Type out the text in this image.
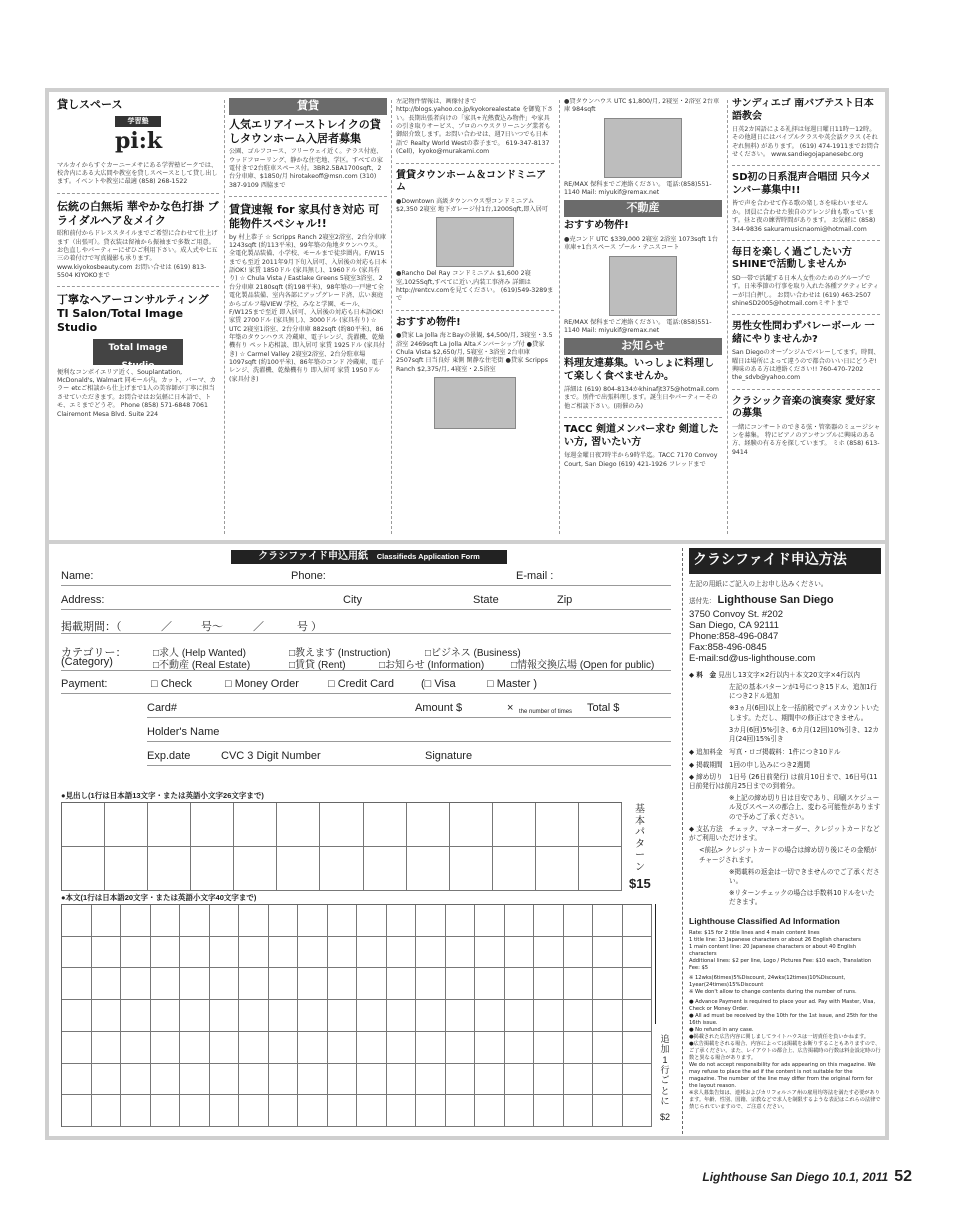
貸しスペース
学習塾
pi:k
マルカイからすぐカーニーメサにある学習塾ピークでは、校舎内にある大広間や教室を貸しスペースとして貸し出します。イベントや教室に最適 (858) 268-1522
伝統の白無垢 華やかな色打掛 ブライダルヘア＆メイク
昭和前付からドレススタイルまでご希望に合わせて仕上げます（出張可）。貸衣装は留袖から振袖まで多数ご用意。お色直しやパーティーにぜひご利用下さい。成人式や七五三の着付けで写真撮影も承ります。 www.kiyokosbeauty.com お問い合せは (619) 813-5504 KIYOKOまで
丁寧なヘアーコンサルティング TI Salon/Total Image Studio
Total Image Studio
便利なコンボイエリア近く、Souplantation, McDonald's, Walmart 同モール内。カット、パーマ、カラー etcご相談から仕上げまで1人の美容師が丁寧に担当させていただきます。お問合せはお気軽に日本語で、トモ、エミまでどうぞ。 Phone (858) 571-6848 7061 Clairemont Mesa Blvd. Suite 224
賃貸
人気エリアイーストレイクの貸しタウンホーム入居者募集
公園、ゴルフコース、フリーウェイ近く。テラス付庭、ウッドフローリング、静かな住宅地、学区。すべての家電付きで2台駐車スペース付。3BR2.5BA1700sqft、2台分車庫、$1850/月 hirotakeoff@msn.com (310) 387-9109 西脇まで
賃貸速報 for 家具付き対応 可能物件スペシャル!!
by 村上恭子 ☆ Scripps Ranch 2寝室2浴室、2台分車庫 1243sqft (約113平米)、99年築の角地タウンハウス。全電化製品装備、小学校、モールまで徒歩圏内。F/W15までも至近 2011年9月下旬入居可、入居後の対応も日本語OK! 家賃 1850ドル (家具無し)、1960ドル (家具有り) ☆ Chula Vista / Eastlake Greens 5寝室3浴室、2台分車庫 2180sqft (約198平米)、98年築の一戸建て全電化製品装備、室内各部にアップグレード済、広い裏庭からゴルフ場VIEW 学校、みなと学園、モール、F/W125まで至近 即入居可、入居後の対応も日本語OK! 家賃 2700ドル (家具無し)、3000ドル (家具有り) ☆ UTC 2寝室1浴室、2台分車庫 882sqft (約80平米)、86年築のタウンハウス 冷蔵庫、電子レンジ、洗濯機、乾燥機有り ペット応相談、即入居可 家賃 1925ドル (家具付き) ☆ Carmel Valley 2寝室2浴室、2台分駐車場 1097sqft (約100平米)、86年築のコンド 冷蔵庫、電子レンジ、洗濯機、乾燥機有り 即入居可 家賃 1950ドル (家具付き)
左記物件情報は、画像付きで http://blogs.yahoo.co.jp/kyokorealestate を御覧下さい。長期出張者向けの「家具+光熱費込み物件」や家具の引き取りサービス、プロのハウスクリーニング業者も御紹介致します。お問い合わせは、週7日いつでも日本語で Realty World Westの恭子まで。 619-347-8137 (Cell)，kyoko@murakami.com
賃貸タウンホーム＆コンドミニアム
●Downtown 高級タウンハウス型コンドミニアム $2,350 2寝室 地下ガレージ付1台,1200Sqft,即入居可
●Rancho Del Ray コンドミニアム $1,600 2寝室,1025Sqft,すべてに近い,内装工事済み 詳細は http://rentcv.comを見てください。 (619)549-3289まで
おすすめ物件!
●貸家 La Jolla 海とBayの景観, $4,500/月, 3寝室・3.5浴室 2469sqft La Jolla Altaメンバーシップ付 ●貸家 Chula Vista $2,650/月, 5寝室・3浴室 2台車庫 2507sqft 日当良好 東側 閑静な住宅街 ●貸家 Scripps Ranch $2,375/月, 4寝室・2.5浴室
●貸タウンハウス UTC $1,800/月, 2寝室・2浴室 2台車庫 984sqft
RE/MAX 保科までご連絡ください。 電話:(858)551-1140 Mail: miyukif@remax.net
不動産
おすすめ物件!
●売コンド UTC $339,000 2寝室 2浴室 1073sqft 1台車庫+1台スペース プール・テニスコート
RE/MAX 保科までご連絡ください。 電話:(858)551-1140 Mail: miyukif@remax.net
お知らせ
料理友達募集。いっしょに料理して楽しく食べませんか。
詳細は (619) 804-8134かkhinafjt375@hotmail.comまで。別件で出張料理します。誕生日やパーティーその他ご相談下さい。(雨催のみ)
TACC 剣道メンバー求む 剣道したい方, 習いたい方
毎週金曜日夜7時半から9時半迄。TACC 7170 Convoy Court, San Diego (619) 421-1926 フレッドまで
サンディエゴ 南バプテスト日本語教会
日英2カ国語による礼拝は毎週日曜日11時〜12時。その他週日にはバイブルクラスや英会話クラス (それぞれ無料) があります。 (619) 474-1911までお問合せください。 www.sandiegojapanesebc.org
SD初の日系混声合唱団 只今メンバー募集中!!
皆で声を合わせて作る歌の楽しさを味わいませんか。団員に合わせた独自のアレンジ曲も歌っています。昼と夜の練習時間があります。 お気軽に (858) 344-9836 sakuramusicnaomi@hotmail.com
毎日を楽しく過ごしたい方 SHINEで活動しませんか
SD一帯で活躍する日本人女性のためのグループです。日米季節の行事を取り入れた各種アクティビティーが目白押し。 お問い合わせは (619) 463-2507 shineSD2005@hotmail.comミサトまで
男性女性問わずバレーボール 一緒にやりませんか?
San Diegoのオープンジムでバレーしてます。時間、曜日は場所によって違うので都合のいい日にどうぞ! 興味のある方は連絡ください!! 760-470-7202 the_sdvb@yahoo.com
クラシック音楽の演奏家 愛好家の募集
一緒にコンサートのできる弦・管楽器のミュージシャンを募集。 特にピアノのアンサンブルに興味のある方、経験の有る方を探しています。 ミホ (858) 613-9414
クラシファイド申込用紙 Classifieds Application Form
Name:	Phone:	E-mail :
Address:	City	State	Zip
掲載期間：（	／	号〜	／	号 ）
カテゴリー：
(Category)
□求人 (Help Wanted)	□教えます (Instruction)	□ビジネス (Business)
□不動産 (Real Estate)	□賃貸 (Rent)	□お知らせ (Information)	□情報交換広場 (Open for public)
Payment:	□ Check	□ Money Order	□ Credit Card (□ Visa	□ Master )
Card#	Amount $	× the number of times Total $
Holder's Name
Exp.date	CVC 3 Digit Number	Signature
●見出し(1行は日本語13文字・または英語小文字26文字まで)
●本文(1行は日本語20文字・または英語小文字40文字まで)
基本パターン
$15
追加1行ごとに
$2
クラシファイド申込方法
左記の用紙にご記入の上お申し込みください。
送付先： Lighthouse San Diego
3750 Convoy St. #202
San Diego, CA 92111
Phone:858-496-0847
Fax:858-496-0845
E-mail:sd@us-lighthouse.com
◆ 料　金 見出し13文字×2行以内＋本文20文字×4行以内
左記の基本パターンが1号につき15ドル、追加1行につき2ドル追加
※3ヵ月(6回)以上を一括前税でディスカウントいたします。ただし、期間中の修正はできません。
3カ月(6回)5%引き、6カ月(12回)10%引き、12カ月(24回)15%引き
◆ 追加料金　写真・ロゴ掲載料：1件につき10ドル
◆ 掲載期間　1回の申し込みにつき2週間
◆ 締め切り　1日号 (26日前発行) は前月10日まで、16日号(11日前発行)は前月25日までの到着分。
※上記の締め切り日は目安であり、印刷スケジュール及びスペースの都合上、変わる可能性がありますので予めご了承ください。
◆ 支払方法　チェック、マネーオーダー、クレジットカードなどがご利用いただけます。
<前払> クレジットカードの場合は締め切り後にその金額がチャージされます。
※掲載料の返金は一切できませんのでご了承ください。
※リターンチェックの場合は手数料10ドルをいただきます。
Lighthouse Classified Ad Information
Rate: $15 for 2 title lines and 4 main content lines
1 title line: 13 Japanese characters or about 26 English characters
1 main content line: 20 Japanese characters or about 40 English characters
Additional lines: $2 per line, Logo / Pictures Fee: $10 each, Translation Fee: $5
※ 12wks(6times)5%Discount, 24wks(12times)10%Discount, 1year(24times)15%Discount
※ We don't allow to change contents during the number of runs.
● Advance Payment is required to place your ad. Pay with Master, Visa, Check or Money Order.
● All ad must be received by the 10th for the 1st issue, and 25th for the 16th issue.
● No refund in any case.
●掲載された広告内容に関しましてライトハウスは一切責任を負いかねます。
●広告掲載をされる場合、内容によっては掲載をお断りすることもありますので、ご了承ください。また、レイアウトの都合上、広告掲載時の行数は料金設定時の行数と異なる場合があります。
We do not accept responsibility for ads appearing on this magazine. We may refuse to place the ad if the content is not suitable for the magazine. The number of the line may differ from the original form for the layout reason.
※求人募集告知は、連邦およびカリフォルニア州の雇用均等法を満たす必要があります。年齢、性別、国籍、宗教などで求人を制限するような表記はこれらの法律で禁じられていますので、ご注意ください。
Lighthouse San Diego 10.1, 2011 52
